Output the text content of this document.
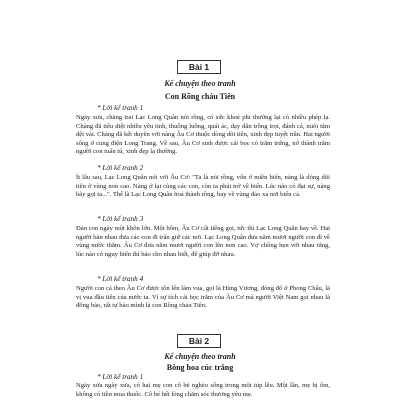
Bài 1
Kể chuyện theo tranh
Con Rồng cháu Tiên
* Lời kể tranh 1

Ngày xưa, chàng trai Lạc Long Quân nòi rồng, có sức khoẻ phi thường lại có nhiều phép lạ. Chàng đã tiêu diệt nhiều yêu tinh, thuồng luồng, quái ác, dạy dân trồng trọt, đánh cá, nuôi tằm dệt vải. Chàng đã kết duyên với nàng Âu Cơ thuộc dòng dõi tiên, xinh đẹp tuyệt trần. Hai người sống ở cung điện Long Trang. Về sau, Âu Cơ sinh được cái bọc có trăm trứng, nở thành trăm người con tuấn tú, xinh đẹp lạ thường.

* Lời kể tranh 2

Ít lâu sau, Lạc Long Quân nói với Âu Cơ: "Ta là nòi rồng, vốn ở miền biển, nàng là dòng dõi tiên ở vùng non cao. Nàng ở lại cùng các con, còn ta phải trở về biển. Lúc nào có đại sự, nàng hãy gọi ta...". Thế là Lạc Long Quân hoá thành rồng, bay về vùng đảo xa nơi biển cả.

* Lời kể tranh 3

Đàn con ngày một khôn lớn. Một hôm, Âu Cơ cất tiếng gọi, tức thì Lạc Long Quân bay về. Hai người bàn nhau đưa các con đi trấn giữ các nơi. Lạc Long Quân đưa năm mươi người con đi về vùng nước thẳm. Âu Cơ đưa năm mươi người con lên non cao. Vợ chồng hẹn với nhau rằng, lúc nào có nguy biến thì báo cho nhau biết, để giúp đỡ nhau.

* Lời kể tranh 4

Người con cả theo Âu Cơ được tôn lên làm vua, gọi là Hùng Vương, đóng đô ở Phong Châu, là vị vua đầu tiên của nước ta. Vì sự tích cái bọc trăm của Âu Cơ mà người Việt Nam gọi nhau là đồng bào, rất tự hào mình là con Rồng cháu Tiên.

Bài 2
Kể chuyện theo tranh
Bông hoa cúc trắng
* Lời kể tranh 1

Ngày xửa ngày xưa, có hai mẹ con cô bé nghèo sống trong một túp lều. Một lần, mẹ bị ốm, không có tiền mua thuốc. Cô bé hết lòng chăm sóc thương yêu mẹ.
